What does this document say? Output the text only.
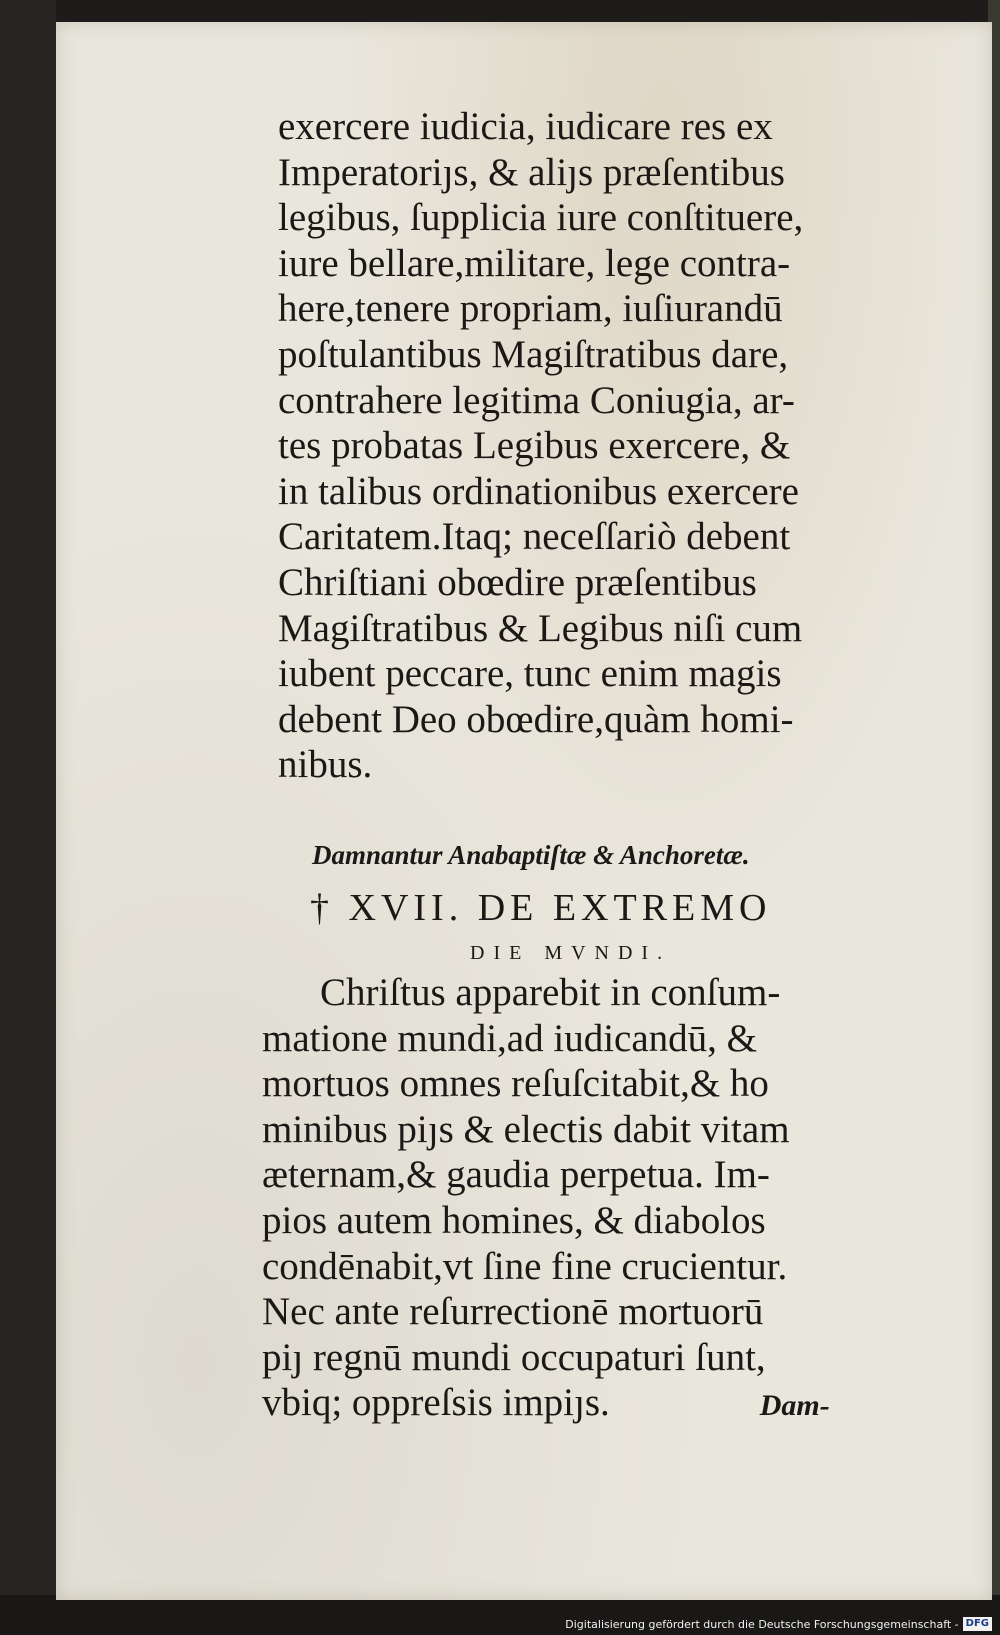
exercere iudicia, iudicare res ex
Imperatoriȷs, & aliȷs præſentibus
legibus, ſupplicia iure conſtituere,
iure bellare,militare, lege contra-
here,tenere propriam, iuſiurandū
poſtulantibus Magiſtratibus dare,
contrahere legitima Coniugia, ar-
tes probatas Legibus exercere, &
in talibus ordinationibus exercere
Caritatem.Itaq; neceſſariò debent
Chriſtiani obœdire præſentibus
Magiſtratibus & Legibus niſi cum
iubent peccare, tunc enim magis
debent Deo obœdire,quàm homi-
nibus.
Damnantur Anabaptiſtæ & Anchoretæ.
† XVII. DE EXTREMO
DIE MVNDI.
Chriſtus apparebit in conſum-
matione mundi,ad iudicandū, &
mortuos omnes reſuſcitabit,& ho
minibus piȷs & electis dabit vitam
æternam,& gaudia perpetua. Im-
pios autem homines, & diabolos
condēnabit,vt ſine fine crucientur.
Nec ante reſurrectionē mortuorū
piȷ regnū mundi occupaturi ſunt,
vbiq; oppreſsis impiȷs.	Dam-
Digitalisierung gefördert durch die Deutsche Forschungsgemeinschaft - DFG
